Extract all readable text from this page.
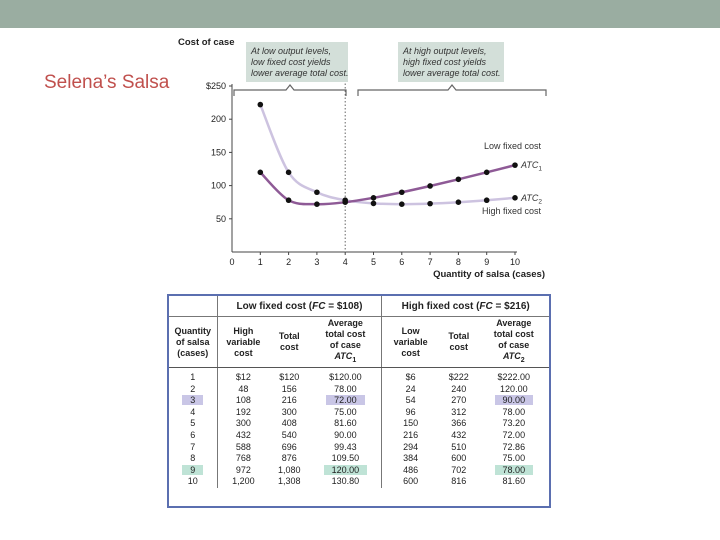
Selena’s Salsa
50
100
150
200
$250
0	1	2	3	4	5	6	7	8	9 10
Cost of case
Quantity of salsa (cases)
At low output levels,
low fixed cost yields
lower average total cost.
At high output levels,
high fixed cost yields
lower average total cost.
$ATC_1$
Low fixed cost
$ATC_2$
High fixed cost
	Low fixed cost (FC = $108)			High fixed cost (FC = $216)		
Quantity
of salsa
(cases)	High
variable
cost	Total
cost	Average
total cost
of case
$ATC_1$	Low
variable
cost	Total
cost	Average
total cost
of case
$ATC_2$
1	$12	$120	$120.00	$6	$222	$222.00
2	48	156	78.00	24	240	120.00
3	108	216	72.00	54	270	90.00
4	192	300	75.00	96	312	78.00
5	300	408	81.60	150	366	73.20
6	432	540	90.00	216	432	72.00
7	588	696	99.43	294	510	72.86
8	768	876	109.50	384	600	75.00
9	972	1,080	120.00	486	702	78.00
10	1,200	1,308	130.80	600	816	81.60
